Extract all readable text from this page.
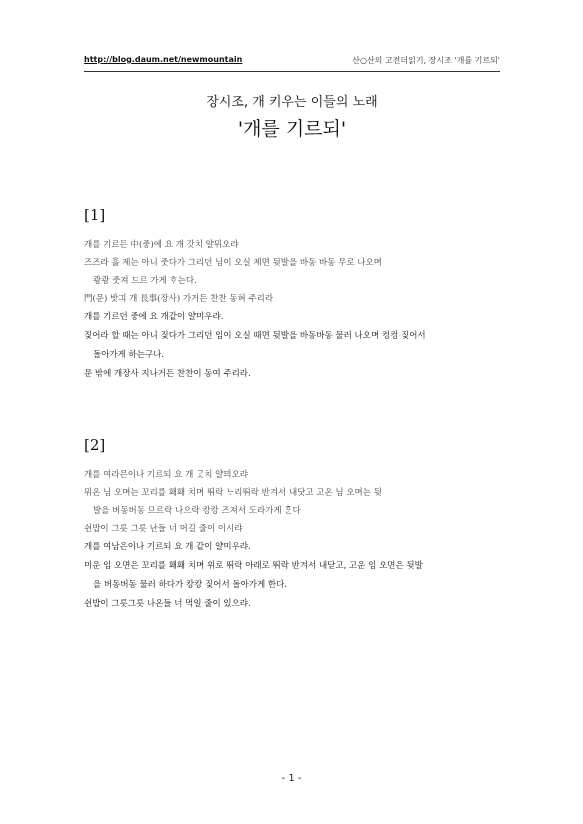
http://blog.daum.net/newmountain	산○산의 고전더읽기, 장시조 '개를 기르되'
장시조, 개 키우는 이들의 노래
'개를 기르되'
[1]
개를 기르든 中(중)에 요 개 갓치 얄뮈오랴
즈즈라 흘 제는 아니 줏다가 그리던 님이 오실 제면 뒷발을 바동 바동 무로 나오며
쾅쾅 줏져 드르 가게 ᄒᆞ는다.
門(문) 밧긔 개 長事(장사) 가거든 찬찬 동혀 주리라
개를 기르던 중에 요 개같이 얄미우랴.
짖어라 할 때는 아니 짖다가 그리던 임이 오실 때면 뒷발을 바동바동 물러 나오며 컹컹 짖어서
돌아가게 하는구나.
문 밖에 개장사 지나거든 찬찬이 동여 주리라.
[2]
개를 여라믄이나 기르되 요 개 ᄀᆞᆺ치 얄믜오랴
뮈온 님 오며는 꼬리를 홰홰 치며 뛰락 ᄂᆞ리뛰락 반겨서 내닷고 고온 님 오며는 뒷
발을 버동버동 므르락 나으락 캉캉 즈져서 도라가게 ᄒᆞᆫ다
쉰밥이 그릇 그릇 난들 너 머길 줄이 이시랴
개를 여남은이나 기르되 요 개 같이 얄미우랴.
미운 임 오면은 꼬리를 홰홰 치며 위로 뛰락 아래로 뛰락 반겨서 내닫고, 고운 임 오면은 뒷발
을 버동버동 물러 하다가 캉캉 짖어서 돌아가게 한다.
쉰밥이 그릇그릇 나온들 너 먹일 줄이 있으랴.
- 1 -
